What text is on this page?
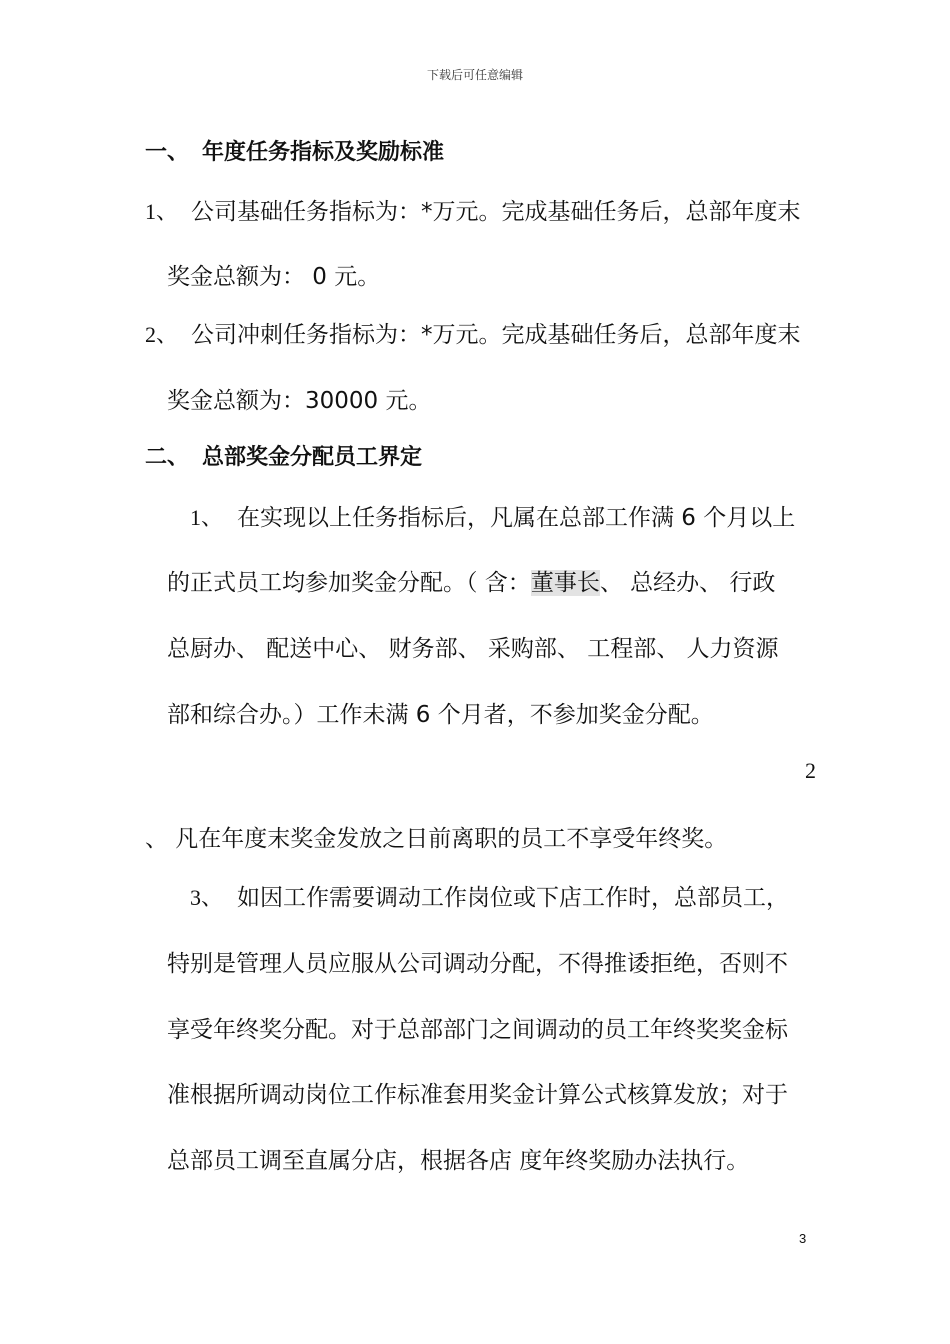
下载后可任意编辑
一、 年度任务指标及奖励标准
1、 公司基础任务指标为：*万元。完成基础任务后，总部年度末
奖金总额为： 0 元。
2、 公司冲刺任务指标为：*万元。完成基础任务后，总部年度末
奖金总额为：30000 元。
二、 总部奖金分配员工界定
1、 在实现以上任务指标后，凡属在总部工作满 6 个月以上
的正式员工均参加奖金分配。（ 含：董事长、 总经办、 行政
总厨办、 配送中心、 财务部、 采购部、 工程部、 人力资源
部和综合办。）工作未满 6 个月者，不参加奖金分配。
2
、 凡在年度末奖金发放之日前离职的员工不享受年终奖。
3、 如因工作需要调动工作岗位或下店工作时，总部员工，
特别是管理人员应服从公司调动分配，不得推诿拒绝，否则不
享受年终奖分配。对于总部部门之间调动的员工年终奖奖金标
准根据所调动岗位工作标准套用奖金计算公式核算发放；对于
总部员工调至直属分店，根据各店 度年终奖励办法执行。
3
